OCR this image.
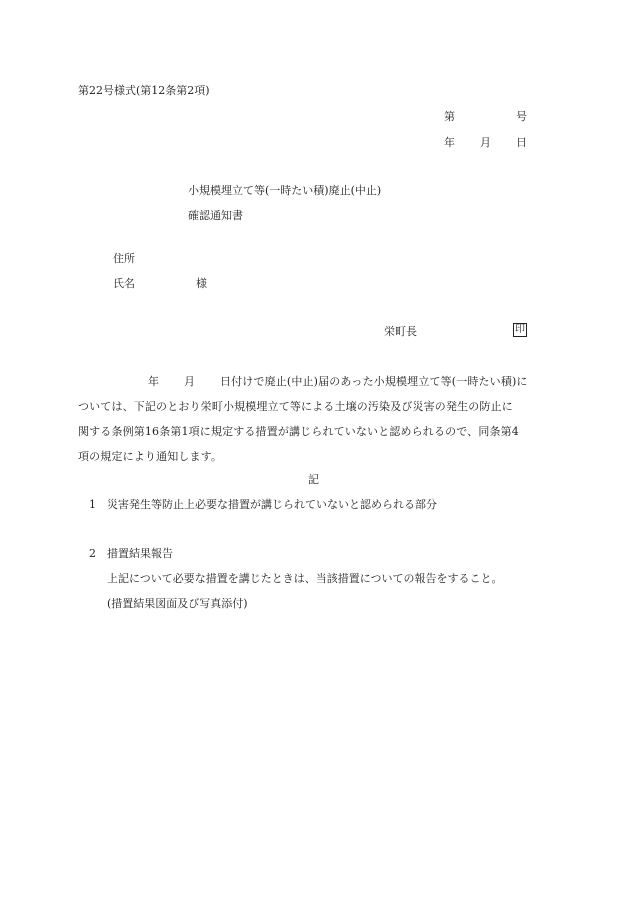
第22号様式(第12条第2項)
第	号
年 月 日
小規模埋立て等(一時たい積)廃止(中止)
確認通知書
住所
氏名	様
栄町長	印
年 月 日付けで廃止(中止)届のあった小規模埋立て等(一時たい積)に
ついては、下記のとおり栄町小規模埋立て等による土壌の汚染及び災害の発生の防止に
関する条例第16条第1項に規定する措置が講じられていないと認められるので、同条第4
項の規定により通知します。
記
1 災害発生等防止上必要な措置が講じられていないと認められる部分
2 措置結果報告
上記について必要な措置を講じたときは、当該措置についての報告をすること。
(措置結果図面及び写真添付)
